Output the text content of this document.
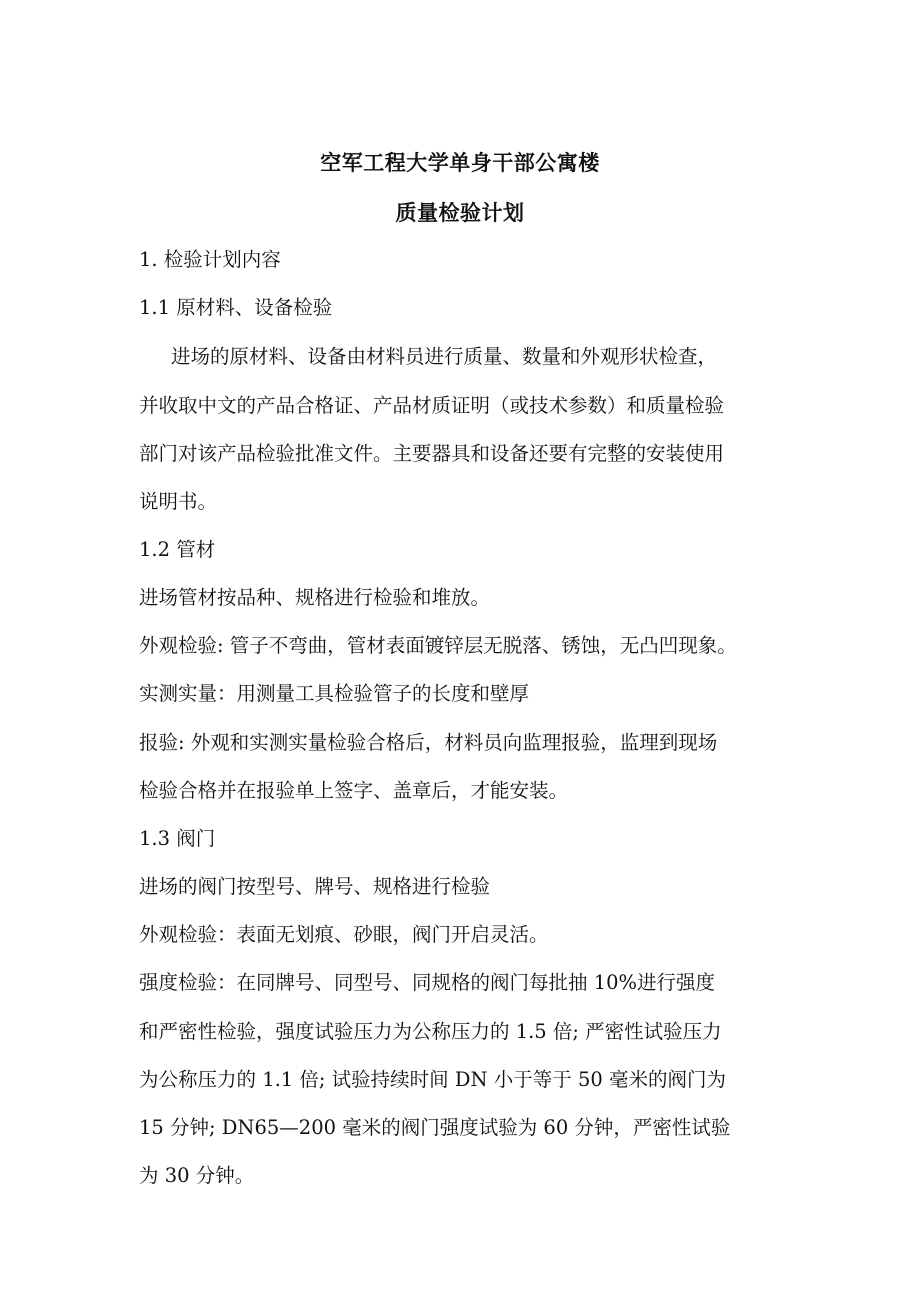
空军工程大学单身干部公寓楼
质量检验计划
1. 检验计划内容
1.1 原材料、设备检验
进场的原材料、设备由材料员进行质量、数量和外观形状检查，
并收取中文的产品合格证、产品材质证明（或技术参数）和质量检验
部门对该产品检验批准文件。主要器具和设备还要有完整的安装使用
说明书。
1.2 管材
进场管材按品种、规格进行检验和堆放。
外观检验: 管子不弯曲，管材表面镀锌层无脱落、锈蚀，无凸凹现象。
实测实量：用测量工具检验管子的长度和壁厚
报验: 外观和实测实量检验合格后，材料员向监理报验，监理到现场
检验合格并在报验单上签字、盖章后，才能安装。
1.3 阀门
进场的阀门按型号、牌号、规格进行检验
外观检验：表面无划痕、砂眼，阀门开启灵活。
强度检验：在同牌号、同型号、同规格的阀门每批抽 10%进行强度
和严密性检验，强度试验压力为公称压力的 1.5 倍; 严密性试验压力
为公称压力的 1.1 倍; 试验持续时间 DN 小于等于 50 毫米的阀门为
15 分钟; DN65—200 毫米的阀门强度试验为 60 分钟，严密性试验
为 30 分钟。
